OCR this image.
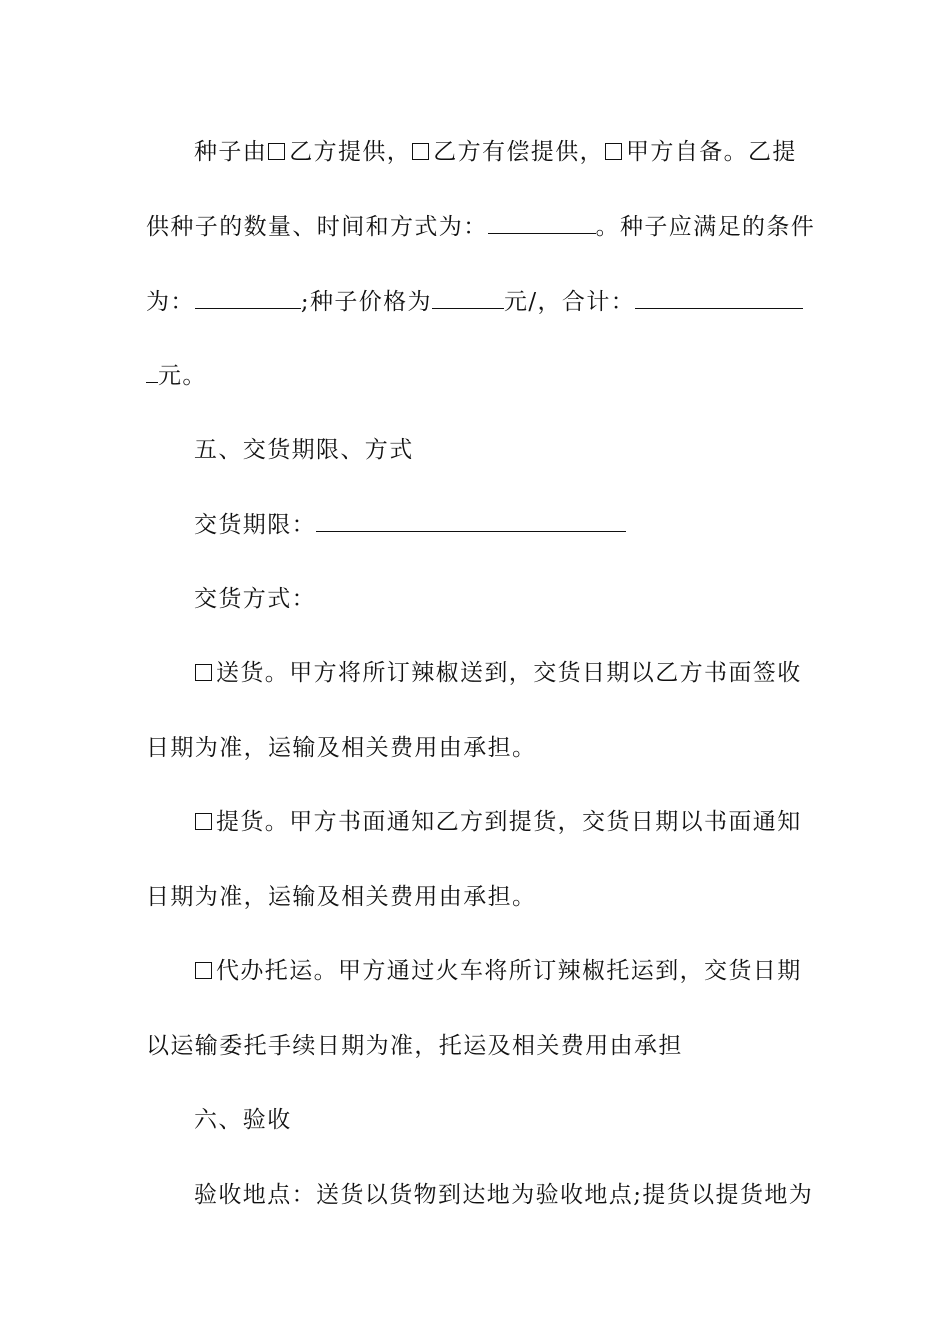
种子由 乙方提供， 乙方有偿提供， 甲方自备。乙提
供种子的数量、时间和方式为：	。种子应满足的条件
为：	;种子价格为	元/，合计：
元。
五、交货期限、方式
交货期限：
交货方式：
送货。甲方将所订辣椒送到，交货日期以乙方书面签收
日期为准，运输及相关费用由承担。
提货。甲方书面通知乙方到提货，交货日期以书面通知
日期为准，运输及相关费用由承担。
代办托运。甲方通过火车将所订辣椒托运到，交货日期
以运输委托手续日期为准，托运及相关费用由承担
六、验收
验收地点：送货以货物到达地为验收地点;提货以提货地为
